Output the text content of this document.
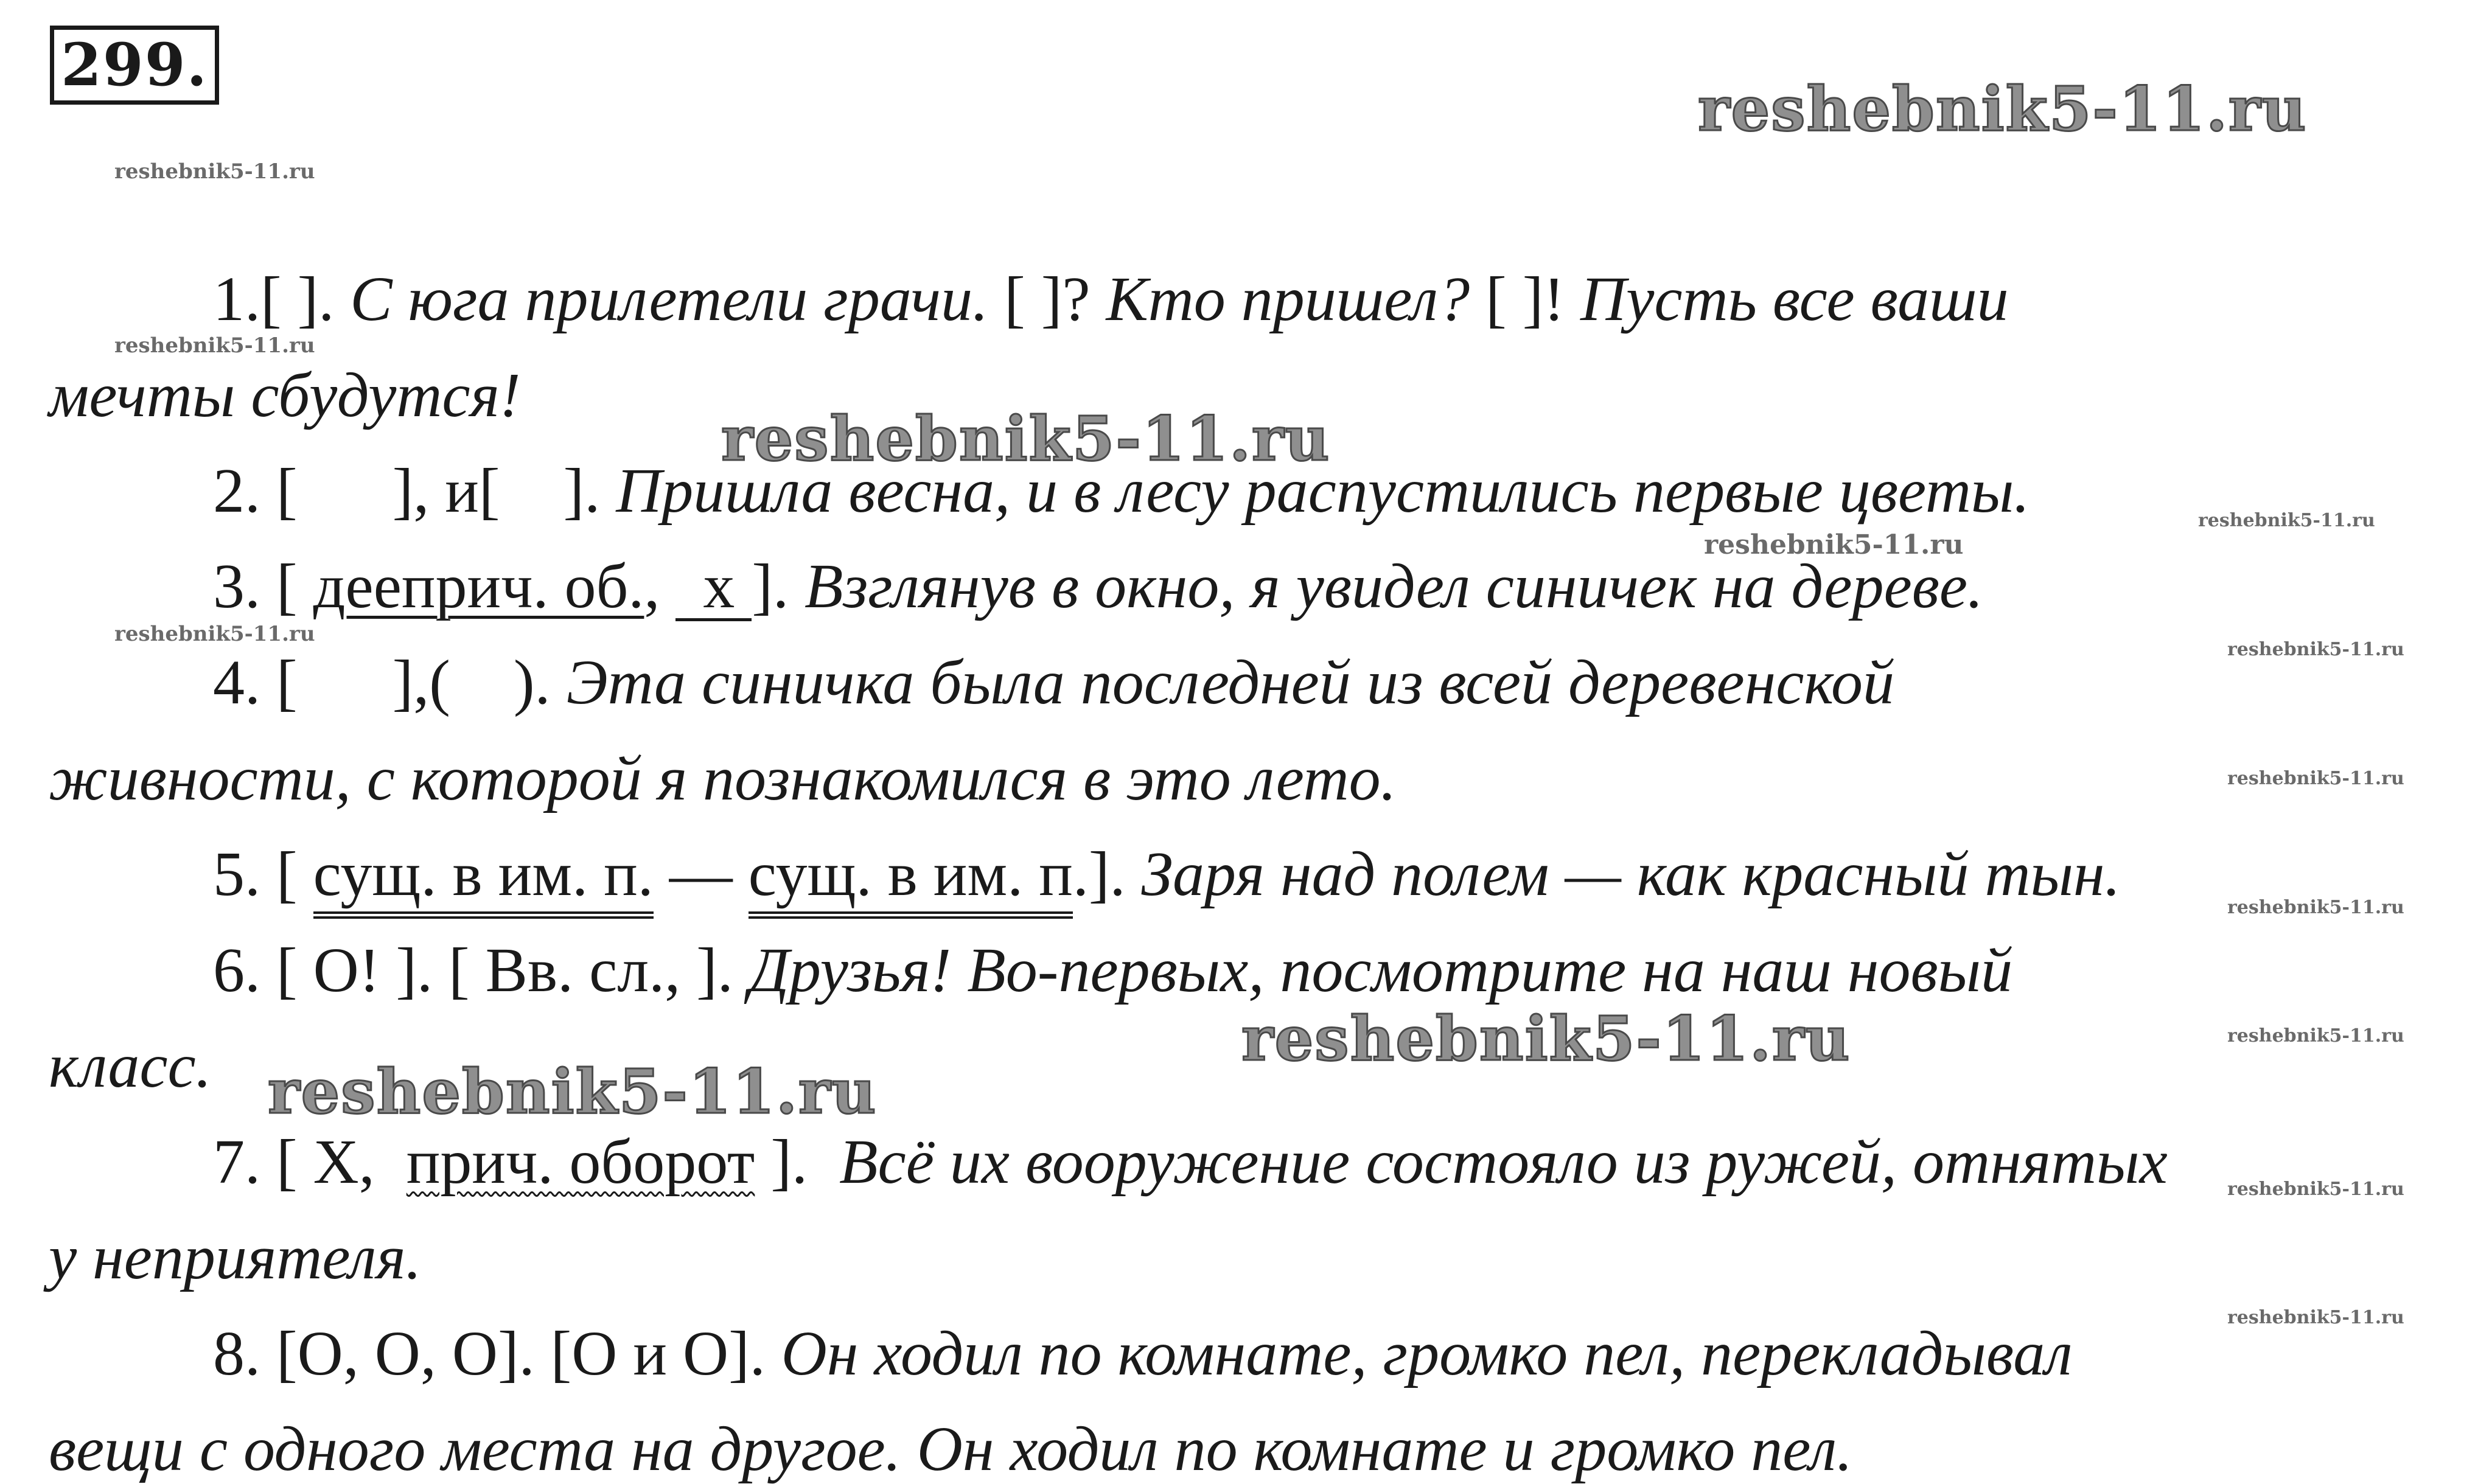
299.
reshebnik5-11.ru
reshebnik5-11.ru
reshebnik5-11.ru
reshebnik5-11.ru
reshebnik5-11.ru
reshebnik5-11.ru
reshebnik5-11.ru
reshebnik5-11.ru
reshebnik5-11.ru
reshebnik5-11.ru
reshebnik5-11.ru
reshebnik5-11.ru
reshebnik5-11.ru
reshebnik5-11.ru
reshebnik5-11.ru
1.[ ]. С юга прилетели грачи. [ ]? Кто пришел? [ ]! Пусть все ваши
мечты сбудутся!
2. [      ], и[    ]. Пришла весна, и в лесу распустились первые цветы.
3. [ дееприч. об., х ]. Взглянув в окно, я увидел синичек на дереве.
4. [      ],(    ). Эта синичка была последней из всей деревенской
живности, с которой я познакомился в это лето.
5. [ сущ. в им. п. — сущ. в им. п.]. Заря над полем — как красный тын.
6. [ О! ]. [ Вв. сл., ]. Друзья! Во-первых, посмотрите на наш новый
класс.
7. [ Х,  прич. оборот ].  Всё их вооружение состояло из ружей, отнятых
у неприятеля.
8. [О, О, О]. [О и О]. Он ходил по комнате, громко пел, перекладывал
вещи с одного места на другое. Он ходил по комнате и громко пел.
